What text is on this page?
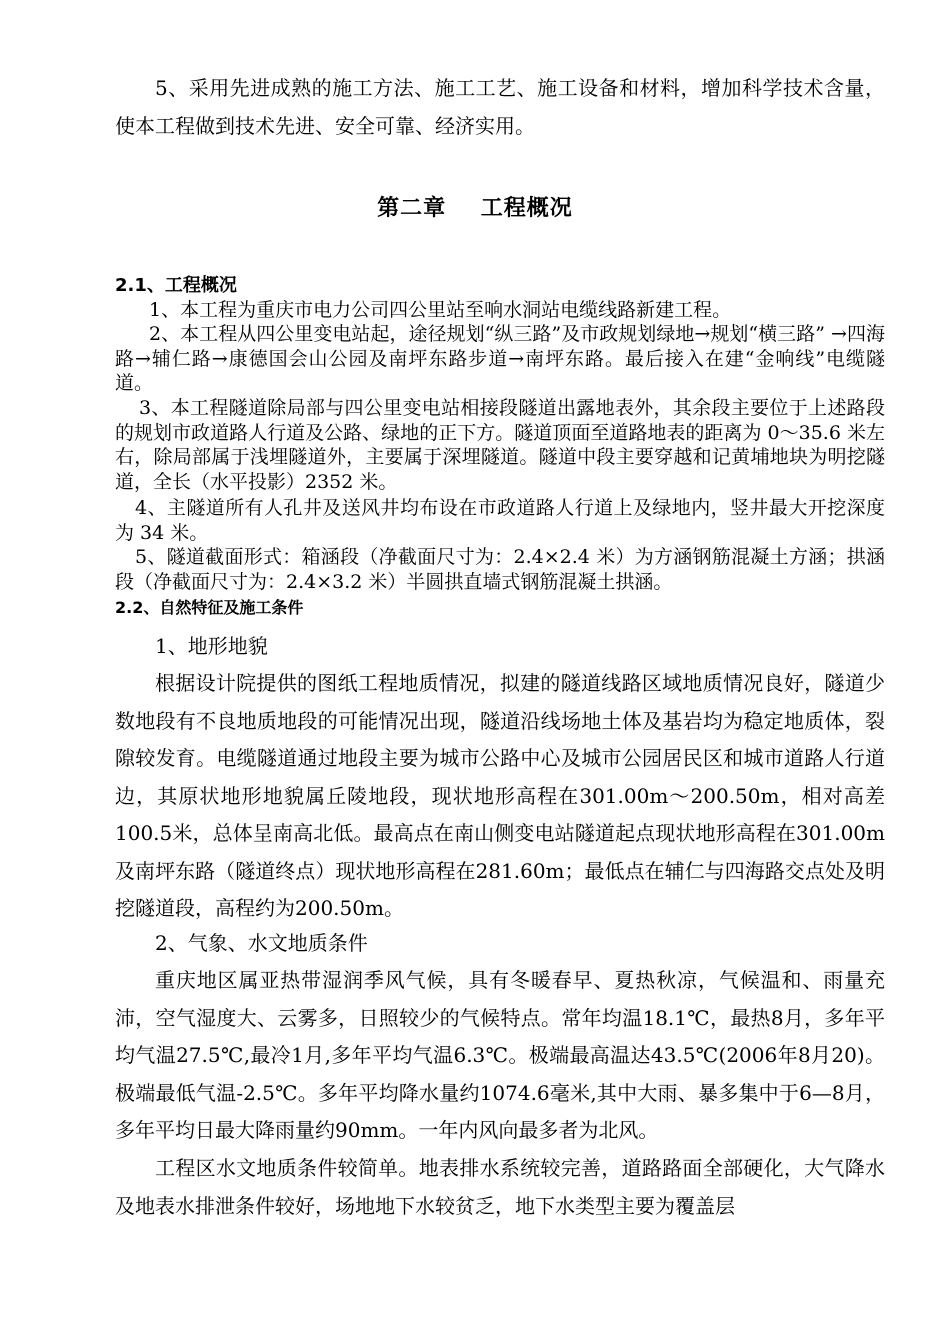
5、采用先进成熟的施工方法、施工工艺、施工设备和材料，增加科学技术含量，使本工程做到技术先进、安全可靠、经济实用。

第二章    工程概况
2.1、工程概况

1、本工程为重庆市电力公司四公里站至响水洞站电缆线路新建工程。

2、本工程从四公里变电站起，途径规划“纵三路”及市政规划绿地→规划“横三路” →四海路→辅仁路→康德国会山公园及南坪东路步道→南坪东路。最后接入在建“金响线”电缆隧道。

3、本工程隧道除局部与四公里变电站相接段隧道出露地表外，其余段主要位于上述路段的规划市政道路人行道及公路、绿地的正下方。隧道顶面至道路地表的距离为 0～35.6 米左右，除局部属于浅埋隧道外，主要属于深埋隧道。隧道中段主要穿越和记黄埔地块为明挖隧道，全长（水平投影）2352 米。

4、主隧道所有人孔井及送风井均布设在市政道路人行道上及绿地内，竖井最大开挖深度为 34 米。

5、隧道截面形式：箱涵段（净截面尺寸为：2.4×2.4 米）为方涵钢筋混凝土方涵；拱涵段（净截面尺寸为：2.4×3.2 米）半圆拱直墙式钢筋混凝土拱涵。

2.2、自然特征及施工条件

1、地形地貌

根据设计院提供的图纸工程地质情况，拟建的隧道线路区域地质情况良好，隧道少数地段有不良地质地段的可能情况出现，隧道沿线场地土体及基岩均为稳定地质体，裂隙较发育。电缆隧道通过地段主要为城市公路中心及城市公园居民区和城市道路人行道边，其原状地形地貌属丘陵地段，现状地形高程在301.00m～200.50m，相对高差100.5米，总体呈南高北低。最高点在南山侧变电站隧道起点现状地形高程在301.00m及南坪东路（隧道终点）现状地形高程在281.60m；最低点在辅仁与四海路交点处及明挖隧道段，高程约为200.50m。

2、气象、水文地质条件

重庆地区属亚热带湿润季风气候，具有冬暖春早、夏热秋凉，气候温和、雨量充沛，空气湿度大、云雾多，日照较少的气候特点。常年均温18.1℃，最热8月，多年平均气温27.5℃,最冷1月,多年平均气温6.3℃。极端最高温达43.5℃(2006年8月20)。极端最低气温-2.5℃。多年平均降水量约1074.6毫米,其中大雨、暴多集中于6—8月，多年平均日最大降雨量约90mm。一年内风向最多者为北风。

工程区水文地质条件较简单。地表排水系统较完善，道路路面全部硬化，大气降水及地表水排泄条件较好，场地地下水较贫乏，地下水类型主要为覆盖层
